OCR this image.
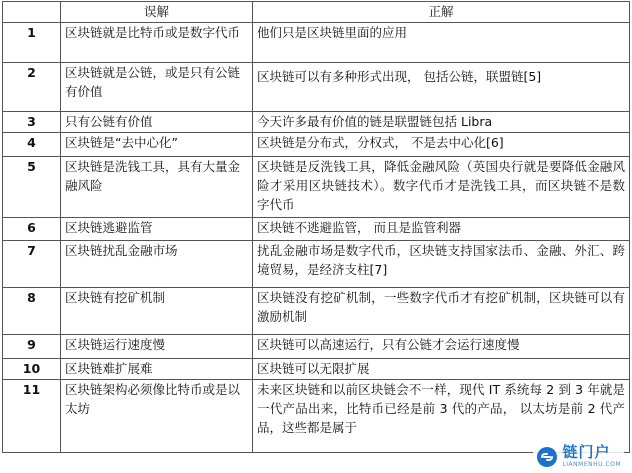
	误解	正解
1	区块链就是比特币或是数字代币	他们只是区块链里面的应用
2	区块链就是公链，或是只有公链有价值	区块链可以有多种形式出现， 包括公链，联盟链[5]
3	只有公链有价值	今天许多最有价值的链是联盟链包括 Libra
4	区块链是“去中心化”	区块链是分布式，分权式， 不是去中心化[6]
5	区块链是洗钱工具，具有大量金融风险	区块链是反洗钱工具，降低金融风险（英国央行就是要降低金融风险才采用区块链技术）。数字代币才是洗钱工具，而区块链不是数字代币
6	区块链逃避监管	区块链不逃避监管， 而且是监管利器
7	区块链扰乱金融市场	扰乱金融市场是数字代币，区块链支持国家法币、金融、外汇、跨境贸易，是经济支柱[7]
8	区块链有挖矿机制	区块链没有挖矿机制，一些数字代币才有挖矿机制，区块链可以有激励机制
9	区块链运行速度慢	区块链可以高速运行，只有公链才会运行速度慢
10	区块链难扩展难	区块链可以无限扩展
11	区块链架构必须像比特币或是以太坊	未来区块链和以前区块链会不一样，现代 IT 系统每 2 到 3 年就是一代产品出来，比特币已经是前 3 代的产品， 以太坊是前 2 代产品，这些都是属于
链门户
LIANMENHU.COM
